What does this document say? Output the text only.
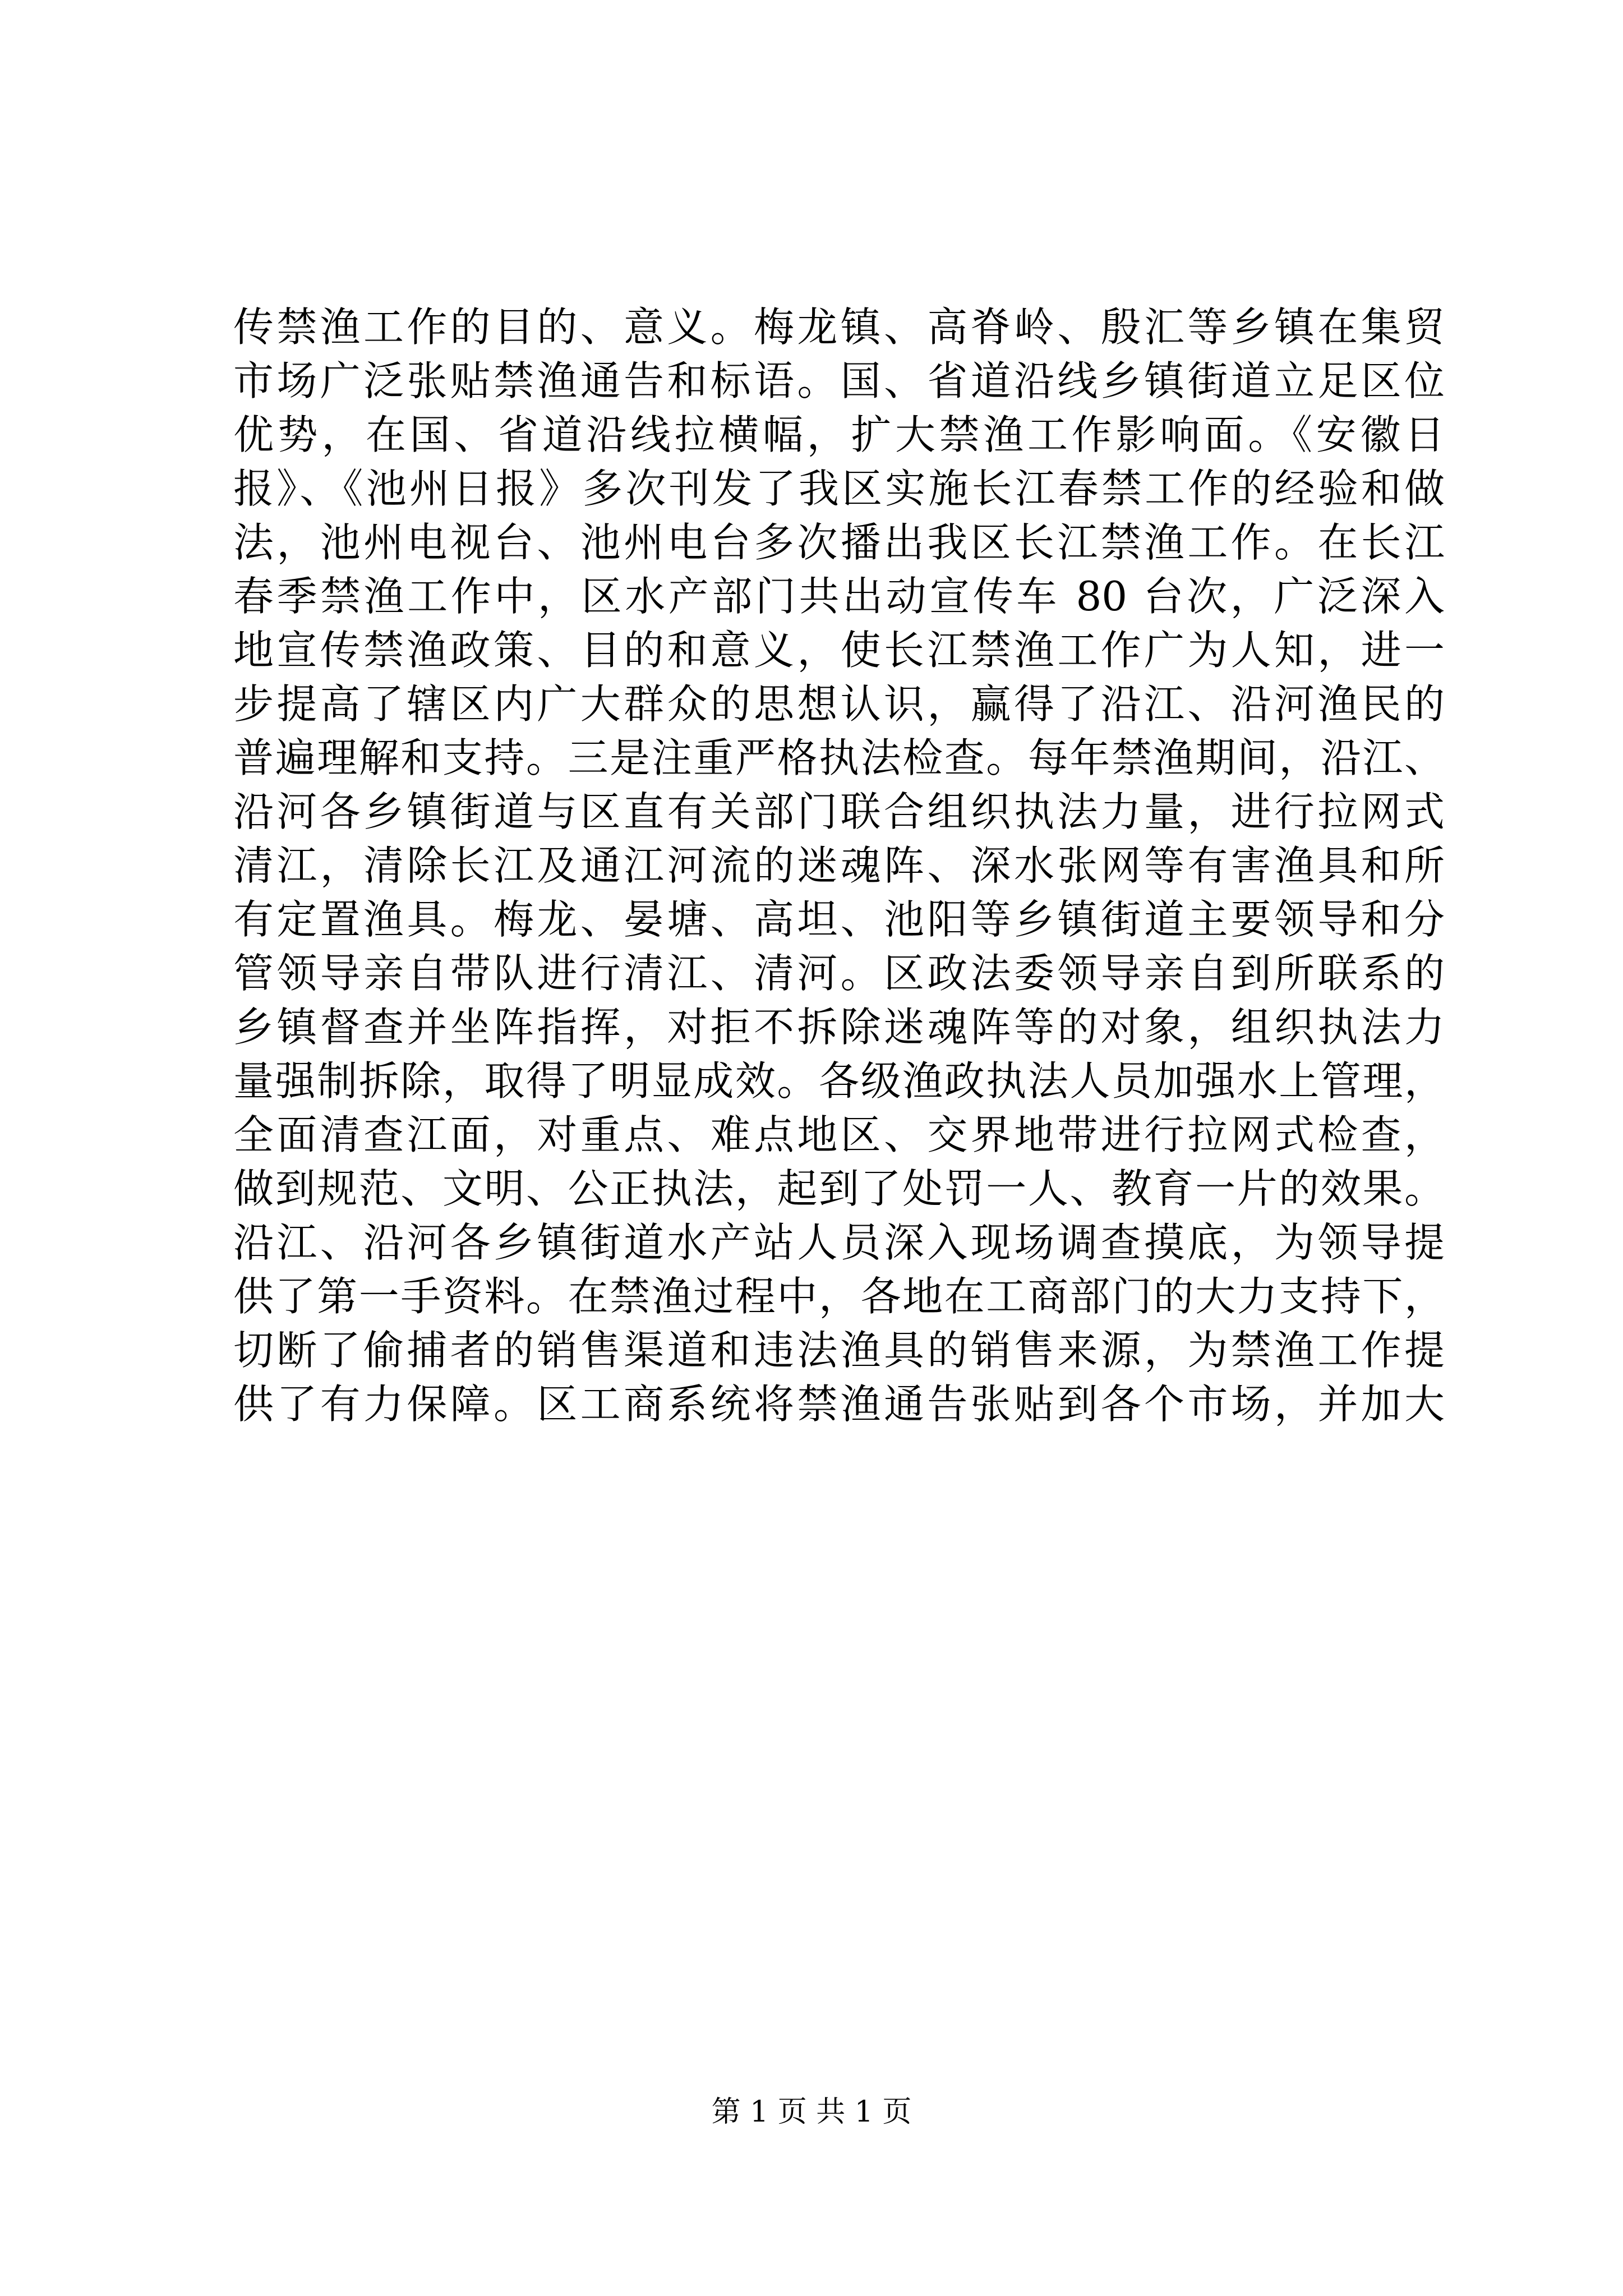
传禁渔工作的目的、意义。梅龙镇、高脊岭、殷汇等乡镇在集贸
市场广泛张贴禁渔通告和标语。国、省道沿线乡镇街道立足区位
优势，在国、省道沿线拉横幅，扩大禁渔工作影响面。《安徽日
报》、《池州日报》多次刊发了我区实施长江春禁工作的经验和做
法，池州电视台、池州电台多次播出我区长江禁渔工作。在长江
春季禁渔工作中，区水产部门共出动宣传车 80 台次，广泛深入
地宣传禁渔政策、目的和意义，使长江禁渔工作广为人知，进一
步提高了辖区内广大群众的思想认识，赢得了沿江、沿河渔民的
普遍理解和支持。三是注重严格执法检查。每年禁渔期间，沿江、
沿河各乡镇街道与区直有关部门联合组织执法力量，进行拉网式
清江，清除长江及通江河流的迷魂阵、深水张网等有害渔具和所
有定置渔具。梅龙、晏塘、高坦、池阳等乡镇街道主要领导和分
管领导亲自带队进行清江、清河。区政法委领导亲自到所联系的
乡镇督查并坐阵指挥，对拒不拆除迷魂阵等的对象，组织执法力
量强制拆除，取得了明显成效。各级渔政执法人员加强水上管理，
全面清查江面，对重点、难点地区、交界地带进行拉网式检查，
做到规范、文明、公正执法，起到了处罚一人、教育一片的效果。
沿江、沿河各乡镇街道水产站人员深入现场调查摸底，为领导提
供了第一手资料。在禁渔过程中，各地在工商部门的大力支持下，
切断了偷捕者的销售渠道和违法渔具的销售来源，为禁渔工作提
供了有力保障。区工商系统将禁渔通告张贴到各个市场，并加大
第 1 页 共 1 页
